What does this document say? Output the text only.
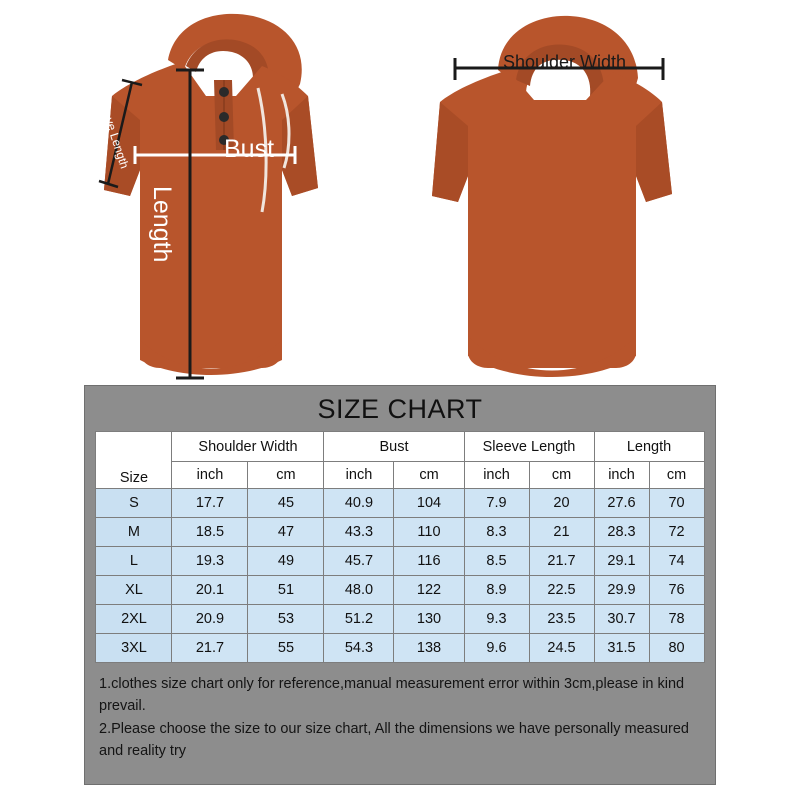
Bust
Length
Sleeve Length
Shoulder Width
SIZE CHART
Size	Shoulder Width		Bust		Sleeve Length		Length	
	inch	cm	inch	cm	inch	cm	inch	cm
S	17.7	45	40.9	104	7.9	20	27.6	70
M	18.5	47	43.3	110	8.3	21	28.3	72
L	19.3	49	45.7	116	8.5	21.7	29.1	74
XL	20.1	51	48.0	122	8.9	22.5	29.9	76
2XL	20.9	53	51.2	130	9.3	23.5	30.7	78
3XL	21.7	55	54.3	138	9.6	24.5	31.5	80

1.clothes size chart only for reference,manual measurement error within 3cm,please in kind prevail.

2.Please choose the size to our size chart, All the dimensions we have personally measured and reality try
